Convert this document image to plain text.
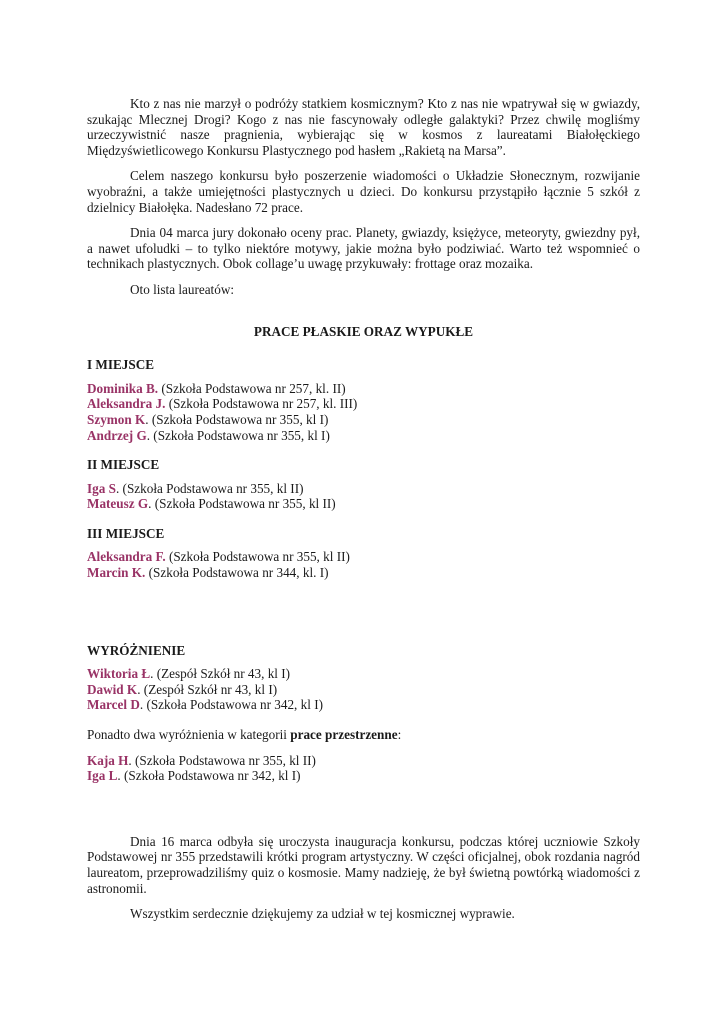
Kto z nas nie marzył o podróży statkiem kosmicznym? Kto z nas nie wpatrywał się w gwiazdy, szukając Mlecznej Drogi? Kogo z nas nie fascynowały odległe galaktyki? Przez chwilę mogliśmy urzeczywistnić nasze pragnienia, wybierając się w kosmos z laureatami Białołęckiego Międzyświetlicowego Konkursu Plastycznego pod hasłem „Rakietą na Marsa”.

Celem naszego konkursu było poszerzenie wiadomości o Układzie Słonecznym, rozwijanie wyobraźni, a także umiejętności plastycznych u dzieci. Do konkursu przystąpiło łącznie 5 szkół z dzielnicy Białołęka. Nadesłano 72 prace.

Dnia 04 marca jury dokonało oceny prac. Planety, gwiazdy, księżyce, meteoryty, gwiezdny pył, a nawet ufoludki – to tylko niektóre motywy, jakie można było podziwiać. Warto też wspomnieć o technikach plastycznych. Obok collage’u uwagę przykuwały: frottage oraz mozaika.

Oto lista laureatów:

PRACE PŁASKIE ORAZ WYPUKŁE

I MIEJSCE

Dominika B. (Szkoła Podstawowa nr 257, kl. II)
Aleksandra J. (Szkoła Podstawowa nr 257, kl. III)
Szymon K. (Szkoła Podstawowa nr 355, kl I)
Andrzej G. (Szkoła Podstawowa nr 355, kl I)

II MIEJSCE

Iga S. (Szkoła Podstawowa nr 355, kl II)
Mateusz G. (Szkoła Podstawowa nr 355, kl II)

III MIEJSCE

Aleksandra F. (Szkoła Podstawowa nr 355, kl II)
Marcin K. (Szkoła Podstawowa nr 344, kl. I)

WYRÓŻNIENIE

Wiktoria Ł. (Zespół Szkół nr 43, kl I)
Dawid K. (Zespół Szkół nr 43, kl I)
Marcel D. (Szkoła Podstawowa nr 342, kl I)

Ponadto dwa wyróżnienia w kategorii prace przestrzenne:

Kaja H. (Szkoła Podstawowa nr 355, kl II)
Iga L. (Szkoła Podstawowa nr 342, kl I)

Dnia 16 marca odbyła się uroczysta inauguracja konkursu, podczas której uczniowie Szkoły Podstawowej nr 355 przedstawili krótki program artystyczny. W części oficjalnej, obok rozdania nagród laureatom, przeprowadziliśmy quiz o kosmosie. Mamy nadzieję, że był świetną powtórką wiadomości z astronomii.

Wszystkim serdecznie dziękujemy za udział w tej kosmicznej wyprawie.
